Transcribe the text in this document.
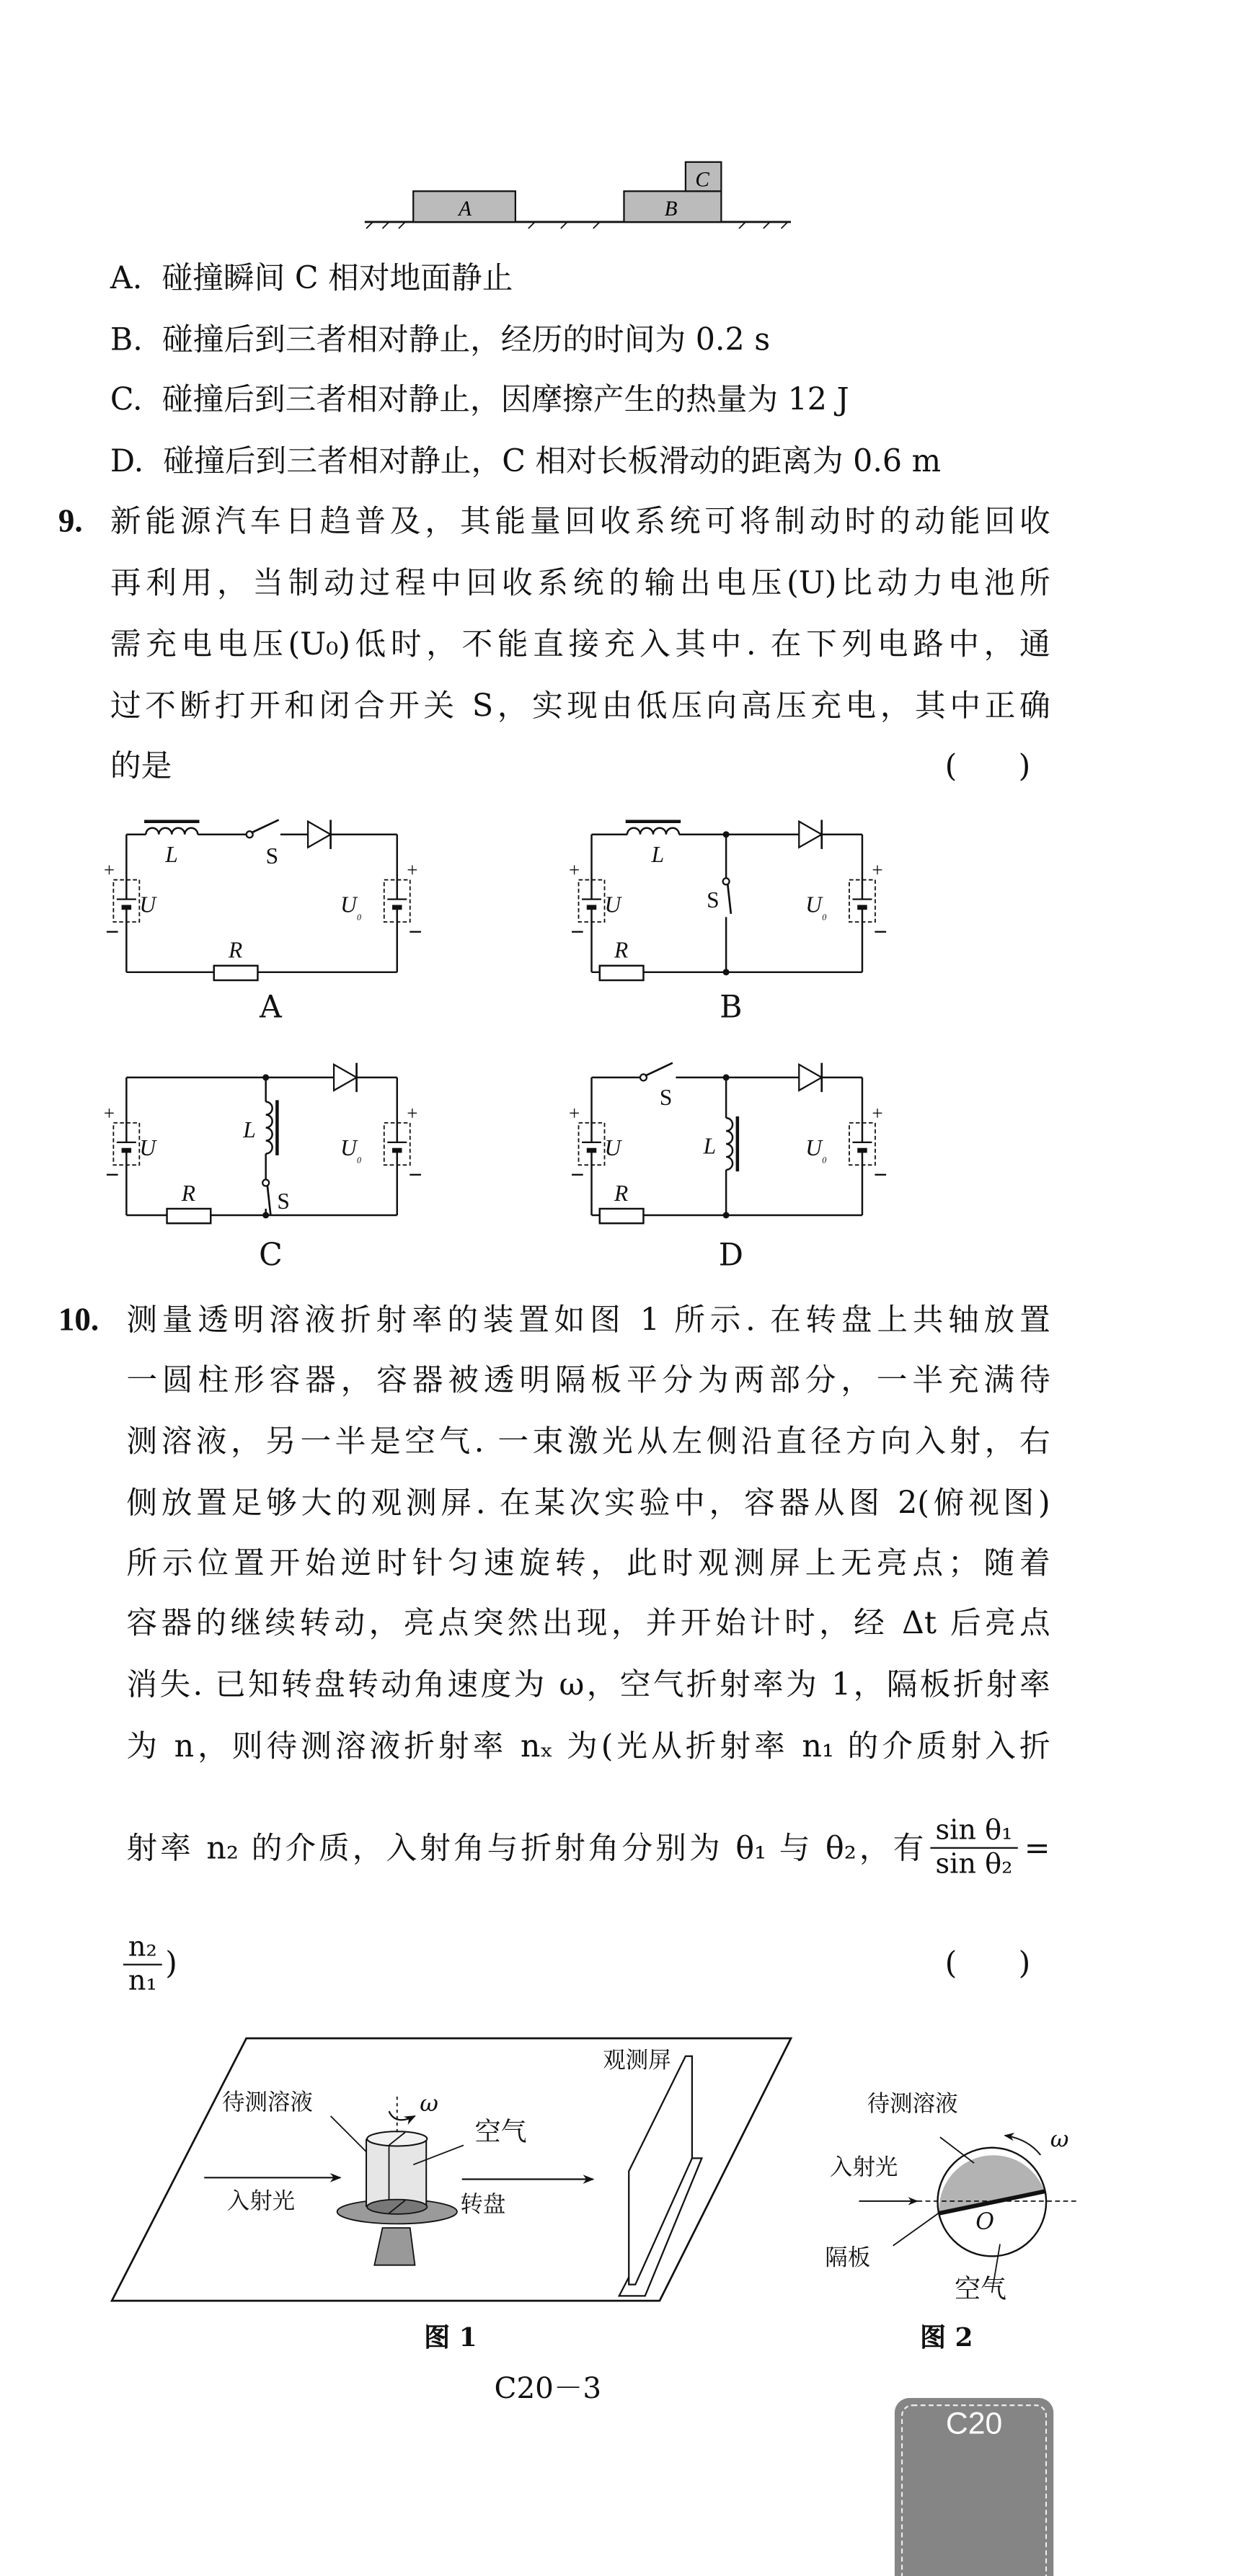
A	B
C
A. 碰撞瞬间 C 相对地面静止
B. 碰撞后到三者相对静止，经历的时间为 0.2 s
C. 碰撞后到三者相对静止，因摩擦产生的热量为 12 J
D. 碰撞后到三者相对静止，C 相对长板滑动的距离为 0.6 m
9. 新能源汽车日趋普及，其能量回收系统可将制动时的动能回收
再利用，当制动过程中回收系统的输出电压(U)比动力电池所
需充电电压(U₀)低时，不能直接充入其中. 在下列电路中，通
过不断打开和闭合开关 S，实现由低压向高压充电，其中正确
的是	(　　)
+
−
+
−
U	$U_{_0}$
L	S
R
+
−
+
−
U	$U_{_0}$
L
S
R
+
−
+
−
U	$U_{_0}$
L
S
R
+
−
+
−
U	$U_{_0}$
S
L
R
A	B
C	D
10. 测量透明溶液折射率的装置如图 1 所示. 在转盘上共轴放置
一圆柱形容器，容器被透明隔板平分为两部分，一半充满待
测溶液，另一半是空气. 一束激光从左侧沿直径方向入射，右
侧放置足够大的观测屏. 在某次实验中，容器从图 2(俯视图)
所示位置开始逆时针匀速旋转，此时观测屏上无亮点；随着
容器的继续转动，亮点突然出现，并开始计时，经 Δt 后亮点
消失. 已知转盘转动角速度为 ω，空气折射率为 1，隔板折射率
为 n，则待测溶液折射率 nₓ 为(光从折射率 n₁ 的介质射入折
射率 n₂ 的介质，入射角与折射角分别为 θ₁ 与 θ₂，有 $\frac{\text{sin θ₁}}{\text{sin θ₂}}$ =
$\frac{\text{n₂}}{\text{n₁}}$ )	(　　)
待测溶液	ω
空气
入射光	转盘
观测屏
图 1
待测溶液
ω
入射光
O
隔板
空气
图 2
C20－3
C20
